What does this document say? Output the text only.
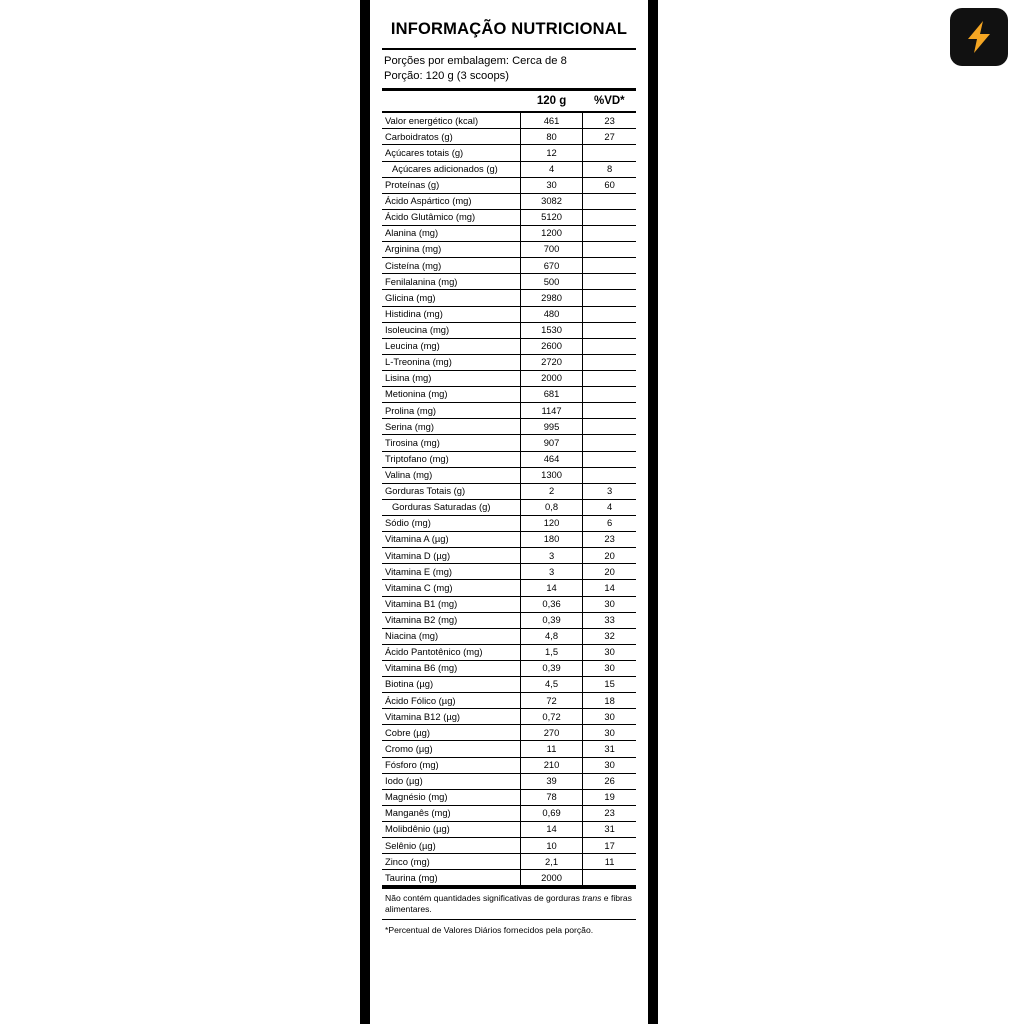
INFORMAÇÃO NUTRICIONAL
Porções por embalagem: Cerca de 8
Porção: 120 g (3 scoops)
	120 g	%VD*
Valor energético (kcal)	461	23
Carboidratos (g)	80	27
Açúcares totais (g)	12	
Açúcares adicionados (g)	4	8
Proteínas (g)	30	60
Ácido Aspártico (mg)	3082	
Ácido Glutâmico (mg)	5120	
Alanina (mg)	1200	
Arginina (mg)	700	
Cisteína (mg)	670	
Fenilalanina (mg)	500	
Glicina (mg)	2980	
Histidina (mg)	480	
Isoleucina (mg)	1530	
Leucina (mg)	2600	
L-Treonina (mg)	2720	
Lisina (mg)	2000	
Metionina (mg)	681	
Prolina (mg)	1147	
Serina (mg)	995	
Tirosina (mg)	907	
Triptofano (mg)	464	
Valina (mg)	1300	
Gorduras Totais (g)	2	3
Gorduras Saturadas (g)	0,8	4
Sódio (mg)	120	6
Vitamina A (µg)	180	23
Vitamina D (µg)	3	20
Vitamina E (mg)	3	20
Vitamina C (mg)	14	14
Vitamina B1 (mg)	0,36	30
Vitamina B2 (mg)	0,39	33
Niacina (mg)	4,8	32
Ácido Pantotênico (mg)	1,5	30
Vitamina B6 (mg)	0,39	30
Biotina (µg)	4,5	15
Ácido Fólico (µg)	72	18
Vitamina B12 (µg)	0,72	30
Cobre (µg)	270	30
Cromo (µg)	11	31
Fósforo (mg)	210	30
Iodo (µg)	39	26
Magnésio (mg)	78	19
Manganês (mg)	0,69	23
Molibdênio (µg)	14	31
Selênio (µg)	10	17
Zinco (mg)	2,1	11
Taurina (mg)	2000	
Não contém quantidades significativas de gorduras trans e fibras alimentares.
*Percentual de Valores Diários fornecidos pela porção.
